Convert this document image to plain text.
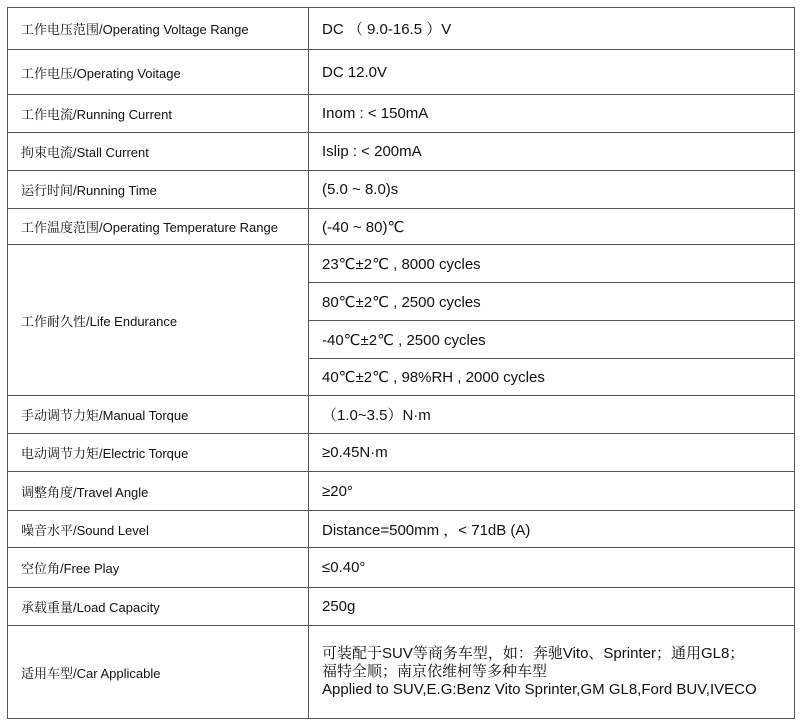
工作电压范围/Operating Voltage Range	DC （ 9.0-16.5 ）V
工作电压/Operating Voitage	DC 12.0V
工作电流/Running Current	Inom : < 150mA
拘束电流/Stall Current	Islip : < 200mA
运行时间/Running Time	(5.0 ~ 8.0)s
工作温度范围/Operating Temperature Range	(-40 ~ 80)℃
工作耐久性/Life Endurance	23℃±2℃ , 8000 cycles
	80℃±2℃ , 2500 cycles
	-40℃±2℃ , 2500 cycles
	40℃±2℃ , 98%RH , 2000 cycles
手动调节力矩/Manual Torque	（1.0~3.5）N·m
电动调节力矩/Electric Torque	≥0.45N·m
调整角度/Travel Angle	≥20°
噪音水平/Sound Level	Distance=500mm ，< 71dB (A)
空位角/Free Play	≤0.40°
承载重量/Load Capacity	250g
适用车型/Car Applicable	可装配于SUV等商务车型，如：奔驰Vito、Sprinter；通用GL8；
福特全顺；南京依维柯等多种车型
Applied to SUV,E.G:Benz Vito Sprinter,GM GL8,Ford BUV,IVECO
